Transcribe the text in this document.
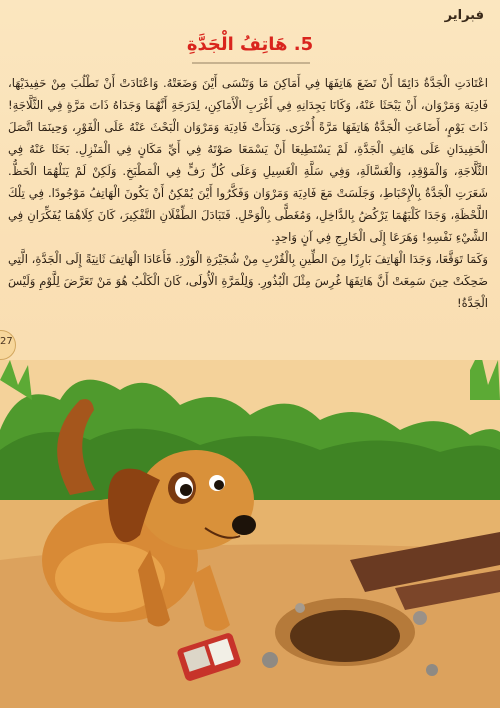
فبراير
5. هَاتِفُ الْجَدَّةِ

اعْتَادَتِ الْجَدَّةُ دَائِمًا أَنْ تَضَعَ هَاتِفَهَا فِي أَمَاكِنَ مَا وَتَنْسَى أَيْنَ وَضَعَتْهُ. وَاعْتَادَتْ أَنْ تَطْلُبَ مِنْ حَفِيدَيْهَا، فَادِيَة وَمَرْوَان، أَنْ يَبْحَثَا عَنْهُ، وَكَانَا يَجِدَانِهِ فِي أَغْرَبِ الْأَمَاكِنِ، لِدَرَجَةِ أَنَّهُمَا وَجَدَاهُ ذَاتَ مَرَّةٍ فِي الثَّلَّاجَةِ! ذَاتَ يَوْمٍ، أَضَاعَتِ الْجَدَّةُ هَاتِفَهَا مَرَّةً أُخْرَى. وَبَدَأَتْ فَادِيَة وَمَرْوَان الْبَحْثَ عَنْهُ عَلَى الْفَوْرِ، وَحِينَمَا اتَّصَلَ الْحَفِيدَانِ عَلَى هَاتِفِ الْجَدَّةِ، لَمْ يَسْتَطِيعَا أَنْ يَسْمَعَا صَوْتَهُ فِي أَيِّ مَكَانٍ فِي الْمَنْزِلِ. بَحَثَا عَنْهُ فِي الثَّلَّاجَةِ، وَالْمَوْقِدِ، وَالْغَسَّالَةِ، وَفِي سَلَّةِ الْغَسِيلِ وَعَلَى كُلِّ رَفٍّ فِي الْمَطْبَخِ. وَلَكِنْ لَمْ يَنَلْهُمَا الْحَظُّ. شَعَرَتِ الْجَدَّةُ بِالْإِحْبَاطِ، وَجَلَسَتْ مَعَ فَادِيَة وَمَرْوَان وَفَكَّرُوا أَيْنَ يُمْكِنُ أَنْ يَكُونَ الْهَاتِفُ مَوْجُودًا. فِي تِلْكَ اللَّحْظَةِ، وَجَدَا كَلْبَهُمَا يَرْكُضُ بِالدَّاخِلِ، وَمُغَطًّى بِالْوَحْلِ. فَتَبَادَلَ الطِّفْلَانِ التَّفْكِيرَ، كَانَ كِلَاهُمَا يُفَكِّرَانِ فِي الشَّيْءِ نَفْسِهِ! وَهَرَعَا إِلَى الْخَارِجِ فِي آنٍ وَاحِدٍ.

وَكَمَا تَوَقَّعَا، وَجَدَا الْهَاتِفَ بَارِزًا مِنَ الطِّينِ بِالْقُرْبِ مِنْ شُجَيْرَةِ الْوَرْدِ. فَأَعَادَا الْهَاتِفَ ثَانِيَةً إِلَى الْجَدَّةِ، الَّتِي ضَحِكَتْ حِينَ سَمِعَتْ أَنَّ هَاتِفَهَا غُرِسَ مِثْلَ الْبُذُورِ. وَلِلْمَرَّةِ الْأُولَى، كَانَ الْكَلْبُ هُوَ مَنْ تَعَرَّضَ لِلَّوْمِ وَلَيْسَ الْجَدَّةُ!

27
